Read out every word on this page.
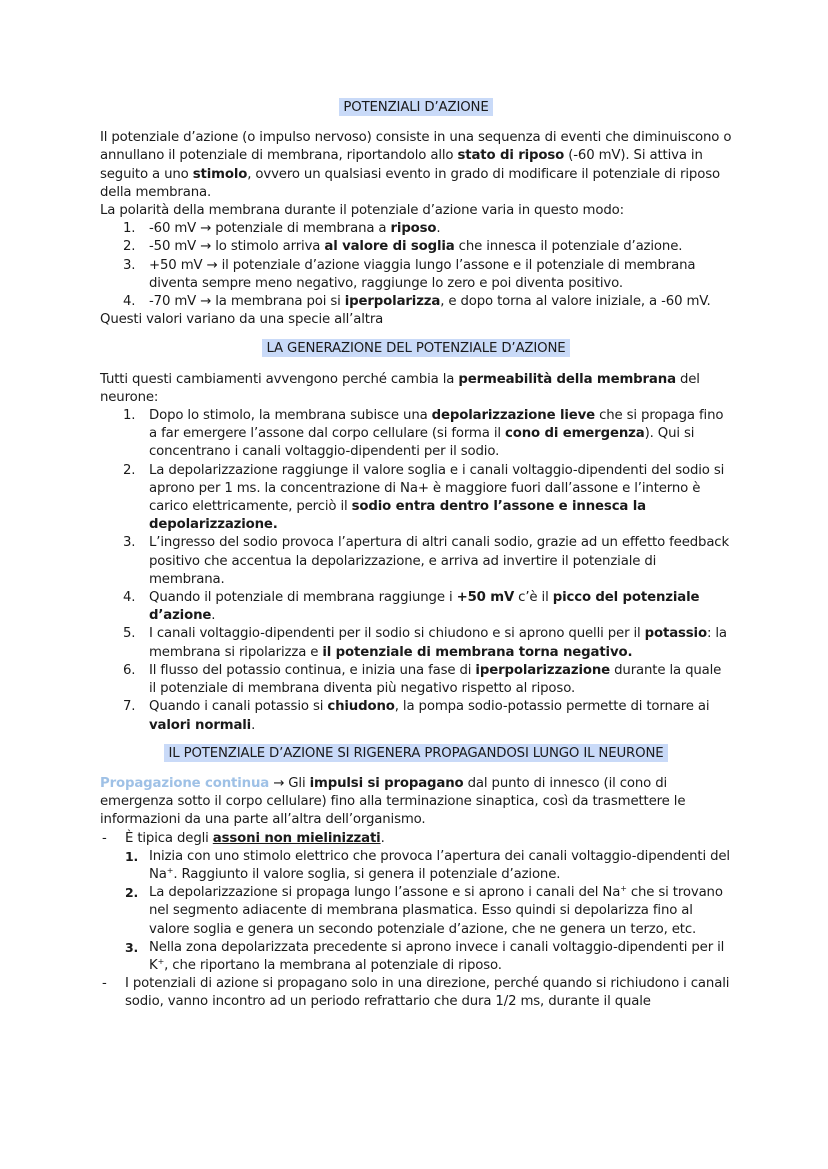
POTENZIALI D’AZIONE

Il potenziale d’azione (o impulso nervoso) consiste in una sequenza di eventi che diminuiscono o annullano il potenziale di membrana, riportandolo allo stato di riposo (-60 mV). Si attiva in seguito a uno stimolo, ovvero un qualsiasi evento in grado di modificare il potenziale di riposo della membrana.

La polarità della membrana durante il potenziale d’azione varia in questo modo:

1. -60 mV → potenziale di membrana a riposo.
2. -50 mV → lo stimolo arriva al valore di soglia che innesca il potenziale d’azione.
3. +50 mV → il potenziale d’azione viaggia lungo l’assone e il potenziale di membrana diventa sempre meno negativo, raggiunge lo zero e poi diventa positivo.
4. -70 mV → la membrana poi si iperpolarizza, e dopo torna al valore iniziale, a -60 mV.

Questi valori variano da una specie all’altra

LA GENERAZIONE DEL POTENZIALE D’AZIONE

Tutti questi cambiamenti avvengono perché cambia la permeabilità della membrana del neurone:

1. Dopo lo stimolo, la membrana subisce una depolarizzazione lieve che si propaga fino a far emergere l’assone dal corpo cellulare (si forma il cono di emergenza). Qui si concentrano i canali voltaggio-dipendenti per il sodio.
2. La depolarizzazione raggiunge il valore soglia e i canali voltaggio-dipendenti del sodio si aprono per 1 ms. la concentrazione di Na+ è maggiore fuori dall’assone e l’interno è carico elettricamente, perciò il sodio entra dentro l’assone e innesca la depolarizzazione.
3. L’ingresso del sodio provoca l’apertura di altri canali sodio, grazie ad un effetto feedback positivo che accentua la depolarizzazione, e arriva ad invertire il potenziale di membrana.
4. Quando il potenziale di membrana raggiunge i +50 mV c’è il picco del potenziale d’azione.
5. I canali voltaggio-dipendenti per il sodio si chiudono e si aprono quelli per il potassio: la membrana si ripolarizza e il potenziale di membrana torna negativo.
6. Il flusso del potassio continua, e inizia una fase di iperpolarizzazione durante la quale il potenziale di membrana diventa più negativo rispetto al riposo.
7. Quando i canali potassio si chiudono, la pompa sodio-potassio permette di tornare ai valori normali.
IL POTENZIALE D’AZIONE SI RIGENERA PROPAGANDOSI LUNGO IL NEURONE

Propagazione continua → Gli impulsi si propagano dal punto di innesco (il cono di emergenza sotto il corpo cellulare) fino alla terminazione sinaptica, così da trasmettere le informazioni da una parte all’altra dell’organismo.

- È tipica degli assoni non mielinizzati.
1. Inizia con uno stimolo elettrico che provoca l’apertura dei canali voltaggio-dipendenti del Na+. Raggiunto il valore soglia, si genera il potenziale d’azione.
2. La depolarizzazione si propaga lungo l’assone e si aprono i canali del Na+ che si trovano nel segmento adiacente di membrana plasmatica. Esso quindi si depolarizza fino al valore soglia e genera un secondo potenziale d’azione, che ne genera un terzo, etc.
3. Nella zona depolarizzata precedente si aprono invece i canali voltaggio-dipendenti per il K+, che riportano la membrana al potenziale di riposo.
- I potenziali di azione si propagano solo in una direzione, perché quando si richiudono i canali sodio, vanno incontro ad un periodo refrattario che dura 1/2 ms, durante il quale
